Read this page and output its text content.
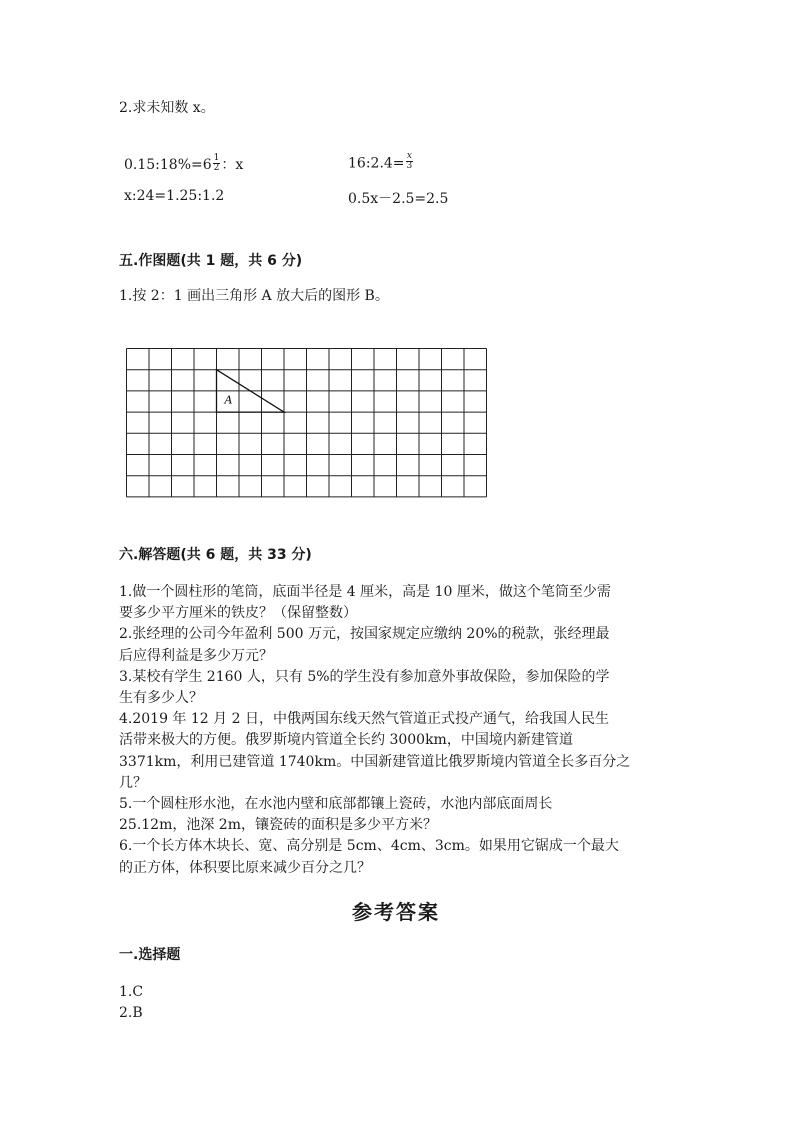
2.求未知数 x。
0.15:18%=6 $\frac{1}{2}$ ：x	16:2.4= $\frac{x}{3}$
x:24=1.25:1.2	0.5x－2.5=2.5
五.作图题(共 1 题，共 6 分)
1.按 2：1 画出三角形 A 放大后的图形 B。
A
六.解答题(共 6 题，共 33 分)
1.做一个圆柱形的笔筒，底面半径是 4 厘米，高是 10 厘米，做这个笔筒至少需
要多少平方厘米的铁皮？（保留整数）
2.张经理的公司今年盈利 500 万元，按国家规定应缴纳 20%的税款，张经理最
后应得利益是多少万元？
3.某校有学生 2160 人，只有 5%的学生没有参加意外事故保险，参加保险的学
生有多少人？
4.2019 年 12 月 2 日，中俄两国东线天然气管道正式投产通气，给我国人民生
活带来极大的方便。俄罗斯境内管道全长约 3000km，中国境内新建管道
3371km，利用已建管道 1740km。中国新建管道比俄罗斯境内管道全长多百分之
几？
5.一个圆柱形水池，在水池内壁和底部都镶上瓷砖，水池内部底面周长
25.12m，池深 2m，镶瓷砖的面积是多少平方米？
6.一个长方体木块长、宽、高分别是 5cm、4cm、3cm。如果用它锯成一个最大
的正方体，体积要比原来减少百分之几？
参考答案
一.选择题
1.C
2.B
